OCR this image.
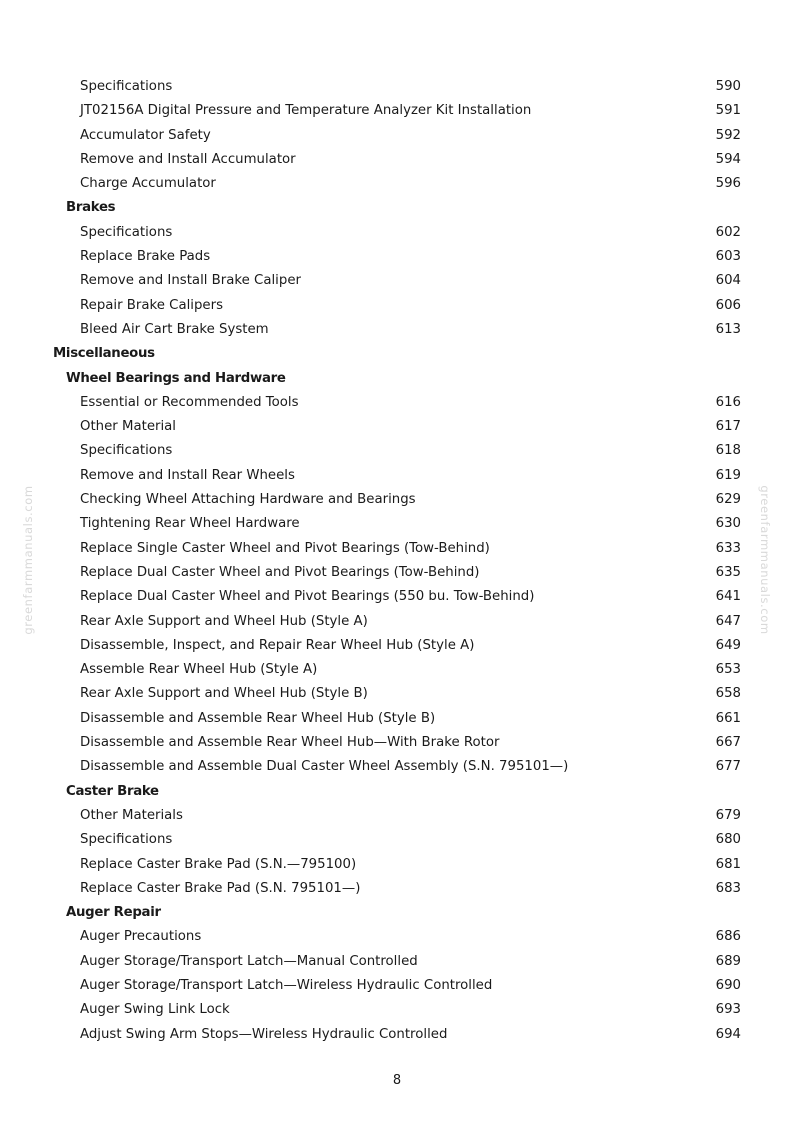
Specifications	590
JT02156A Digital Pressure and Temperature Analyzer Kit Installation	591
Accumulator Safety	592
Remove and Install Accumulator	594
Charge Accumulator	596
Brakes
Specifications	602
Replace Brake Pads	603
Remove and Install Brake Caliper	604
Repair Brake Calipers	606
Bleed Air Cart Brake System	613
Miscellaneous
Wheel Bearings and Hardware
Essential or Recommended Tools	616
Other Material	617
Specifications	618
Remove and Install Rear Wheels	619
Checking Wheel Attaching Hardware and Bearings	629
Tightening Rear Wheel Hardware	630
Replace Single Caster Wheel and Pivot Bearings (Tow-Behind)	633
Replace Dual Caster Wheel and Pivot Bearings (Tow-Behind)	635
Replace Dual Caster Wheel and Pivot Bearings (550 bu. Tow-Behind)	641
Rear Axle Support and Wheel Hub (Style A)	647
Disassemble, Inspect, and Repair Rear Wheel Hub (Style A)	649
Assemble Rear Wheel Hub (Style A)	653
Rear Axle Support and Wheel Hub (Style B)	658
Disassemble and Assemble Rear Wheel Hub (Style B)	661
Disassemble and Assemble Rear Wheel Hub—With Brake Rotor	667
Disassemble and Assemble Dual Caster Wheel Assembly (S.N. 795101—)	677
Caster Brake
Other Materials	679
Specifications	680
Replace Caster Brake Pad (S.N.—795100)	681
Replace Caster Brake Pad (S.N. 795101—)	683
Auger Repair
Auger Precautions	686
Auger Storage/Transport Latch—Manual Controlled	689
Auger Storage/Transport Latch—Wireless Hydraulic Controlled	690
Auger Swing Link Lock	693
Adjust Swing Arm Stops—Wireless Hydraulic Controlled	694
8
greenfarmmanuals.com	greenfarmmanuals.com
